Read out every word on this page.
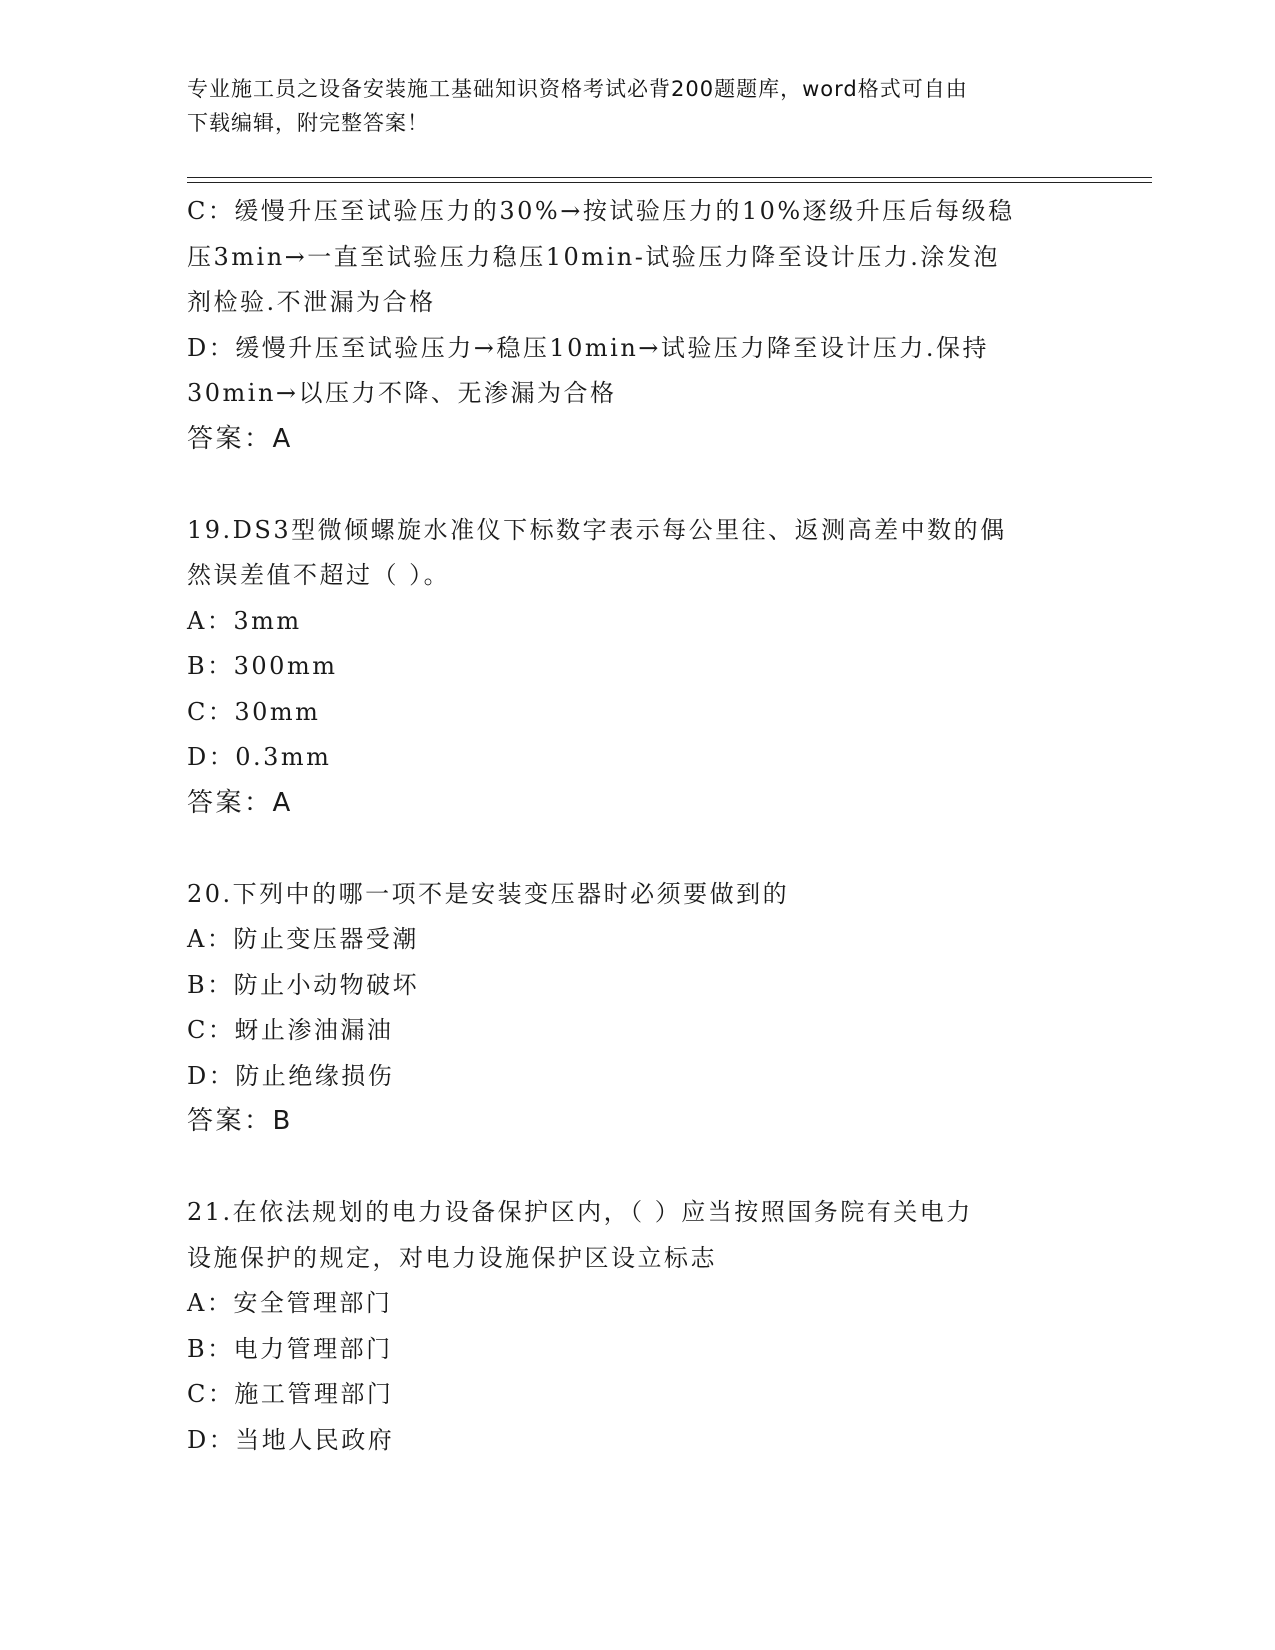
专业施工员之设备安装施工基础知识资格考试必背200题题库，word格式可自由

下载编辑，附完整答案！

C：缓慢升压至试验压力的30%→按试验压力的10%逐级升压后每级稳

压3min→一直至试验压力稳压10min-试验压力降至设计压力.涂发泡

剂检验.不泄漏为合格

D：缓慢升压至试验压力→稳压10min→试验压力降至设计压力.保持

30min→以压力不降、无渗漏为合格

答案：A

19.DS3型微倾螺旋水准仪下标数字表示每公里往、返测高差中数的偶

然误差值不超过（ ）。

A：3mm

B：300mm

C：30mm

D：0.3mm

答案：A

20.下列中的哪一项不是安装变压器时必须要做到的

A：防止变压器受潮

B：防止小动物破坏

C：蚜止渗油漏油

D：防止绝缘损伤

答案：B

21.在依法规划的电力设备保护区内，（ ）应当按照国务院有关电力

设施保护的规定，对电力设施保护区设立标志

A：安全管理部门

B：电力管理部门

C：施工管理部门

D：当地人民政府
